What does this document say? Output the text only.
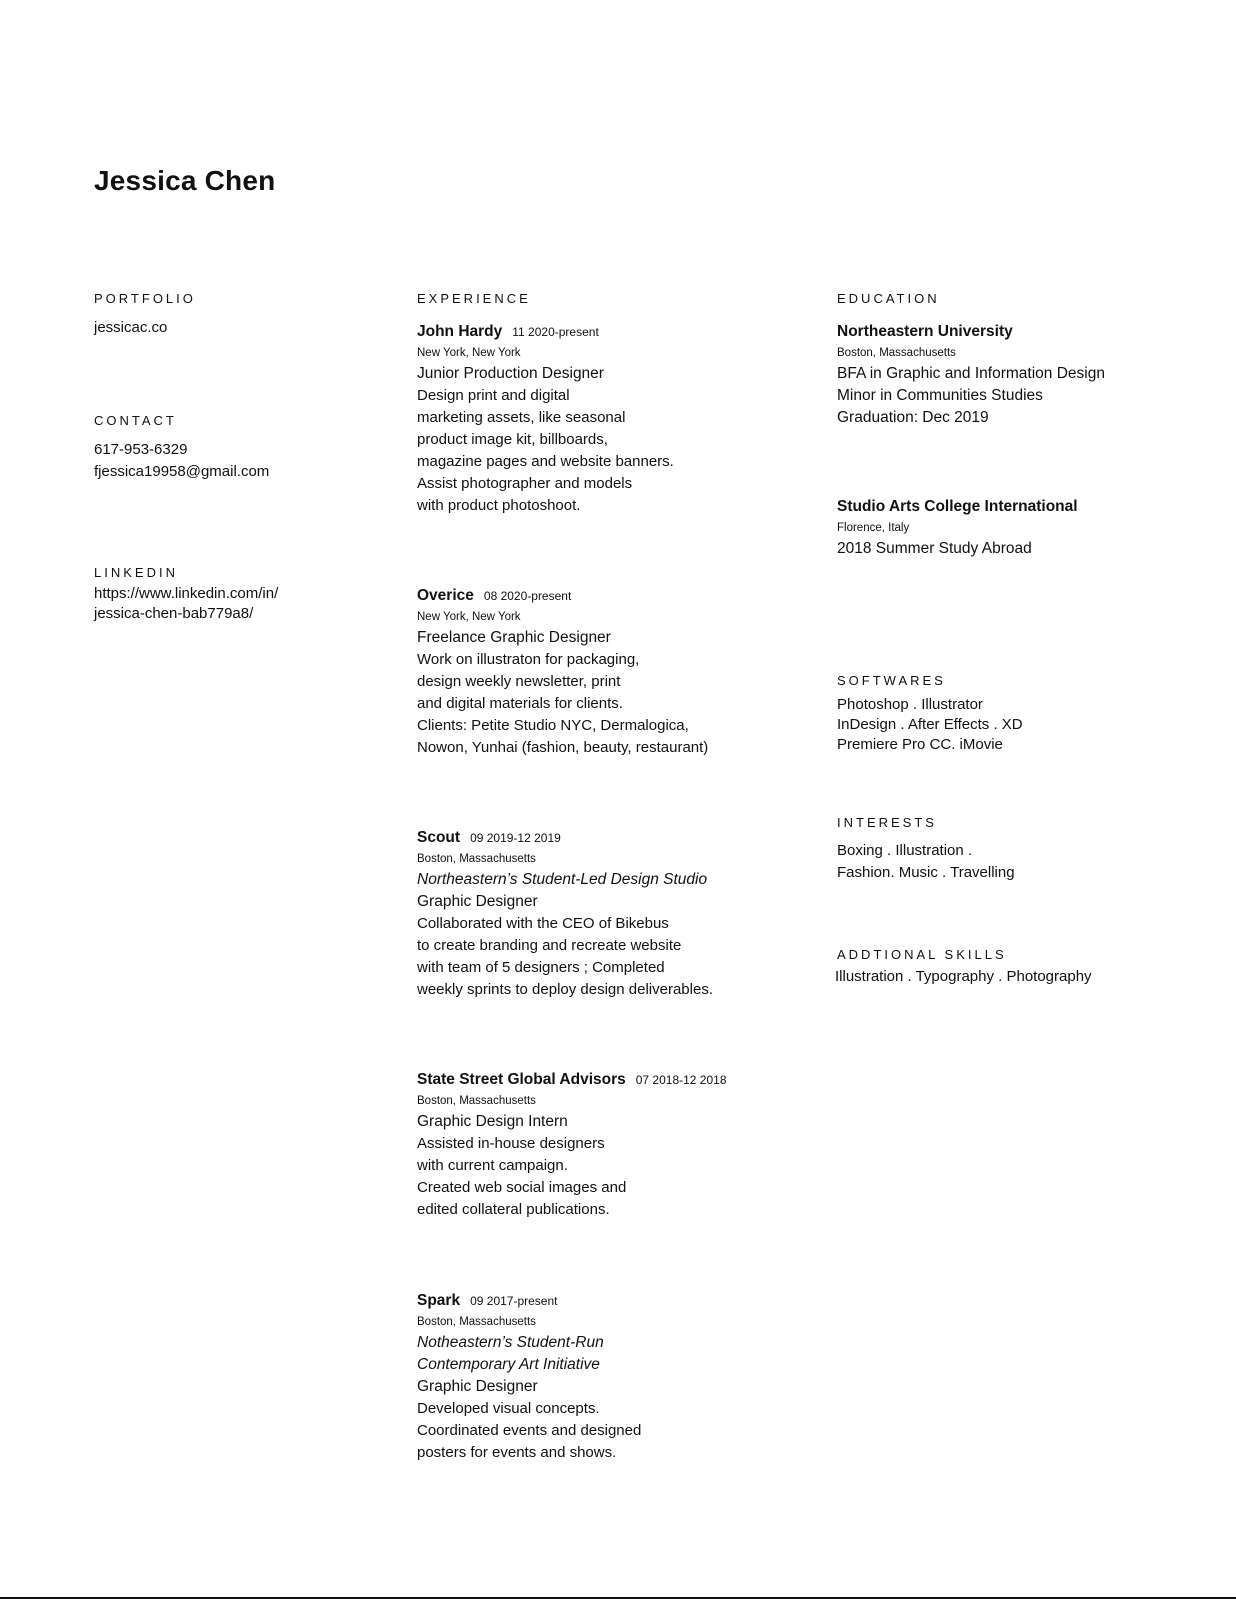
Jessica Chen

PORTFOLIO

jessicac.co

CONTACT

617-953-6329

fjessica19958@gmail.com

LINKEDIN

https://www.linkedin.com/in/

jessica-chen-bab779a8/

EXPERIENCE

John Hardy 11 2020-present

New York, New York

Junior Production Designer

Design print and digital

marketing assets, like seasonal

product image kit, billboards,

magazine pages and website banners.

Assist photographer and models

with product photoshoot.

Overice 08 2020-present

New York, New York

Freelance Graphic Designer

Work on illustraton for packaging,

design weekly newsletter, print

and digital materials for clients.

Clients: Petite Studio NYC, Dermalogica,

Nowon, Yunhai (fashion, beauty, restaurant)

Scout 09 2019-12 2019

Boston, Massachusetts

Northeastern’s Student-Led Design Studio

Graphic Designer

Collaborated with the CEO of Bikebus

to create branding and recreate website

with team of 5 designers ; Completed

weekly sprints to deploy design deliverables.

State Street Global Advisors 07 2018-12 2018

Boston, Massachusetts

Graphic Design Intern

Assisted in-house designers

with current campaign.

Created web social images and

edited collateral publications.

Spark 09 2017-present

Boston, Massachusetts

Notheastern’s Student-Run

Contemporary Art Initiative

Graphic Designer

Developed visual concepts.

Coordinated events and designed

posters for events and shows.

EDUCATION

Northeastern University

Boston, Massachusetts

BFA in Graphic and Information Design

Minor in Communities Studies

Graduation: Dec 2019

Studio Arts College International

Florence, Italy

2018 Summer Study Abroad

SOFTWARES

Photoshop . Illustrator

InDesign . After Effects . XD

Premiere Pro CC. iMovie

INTERESTS

Boxing . Illustration .

Fashion. Music . Travelling

ADDTIONAL SKILLS

Illustration . Typography . Photography
